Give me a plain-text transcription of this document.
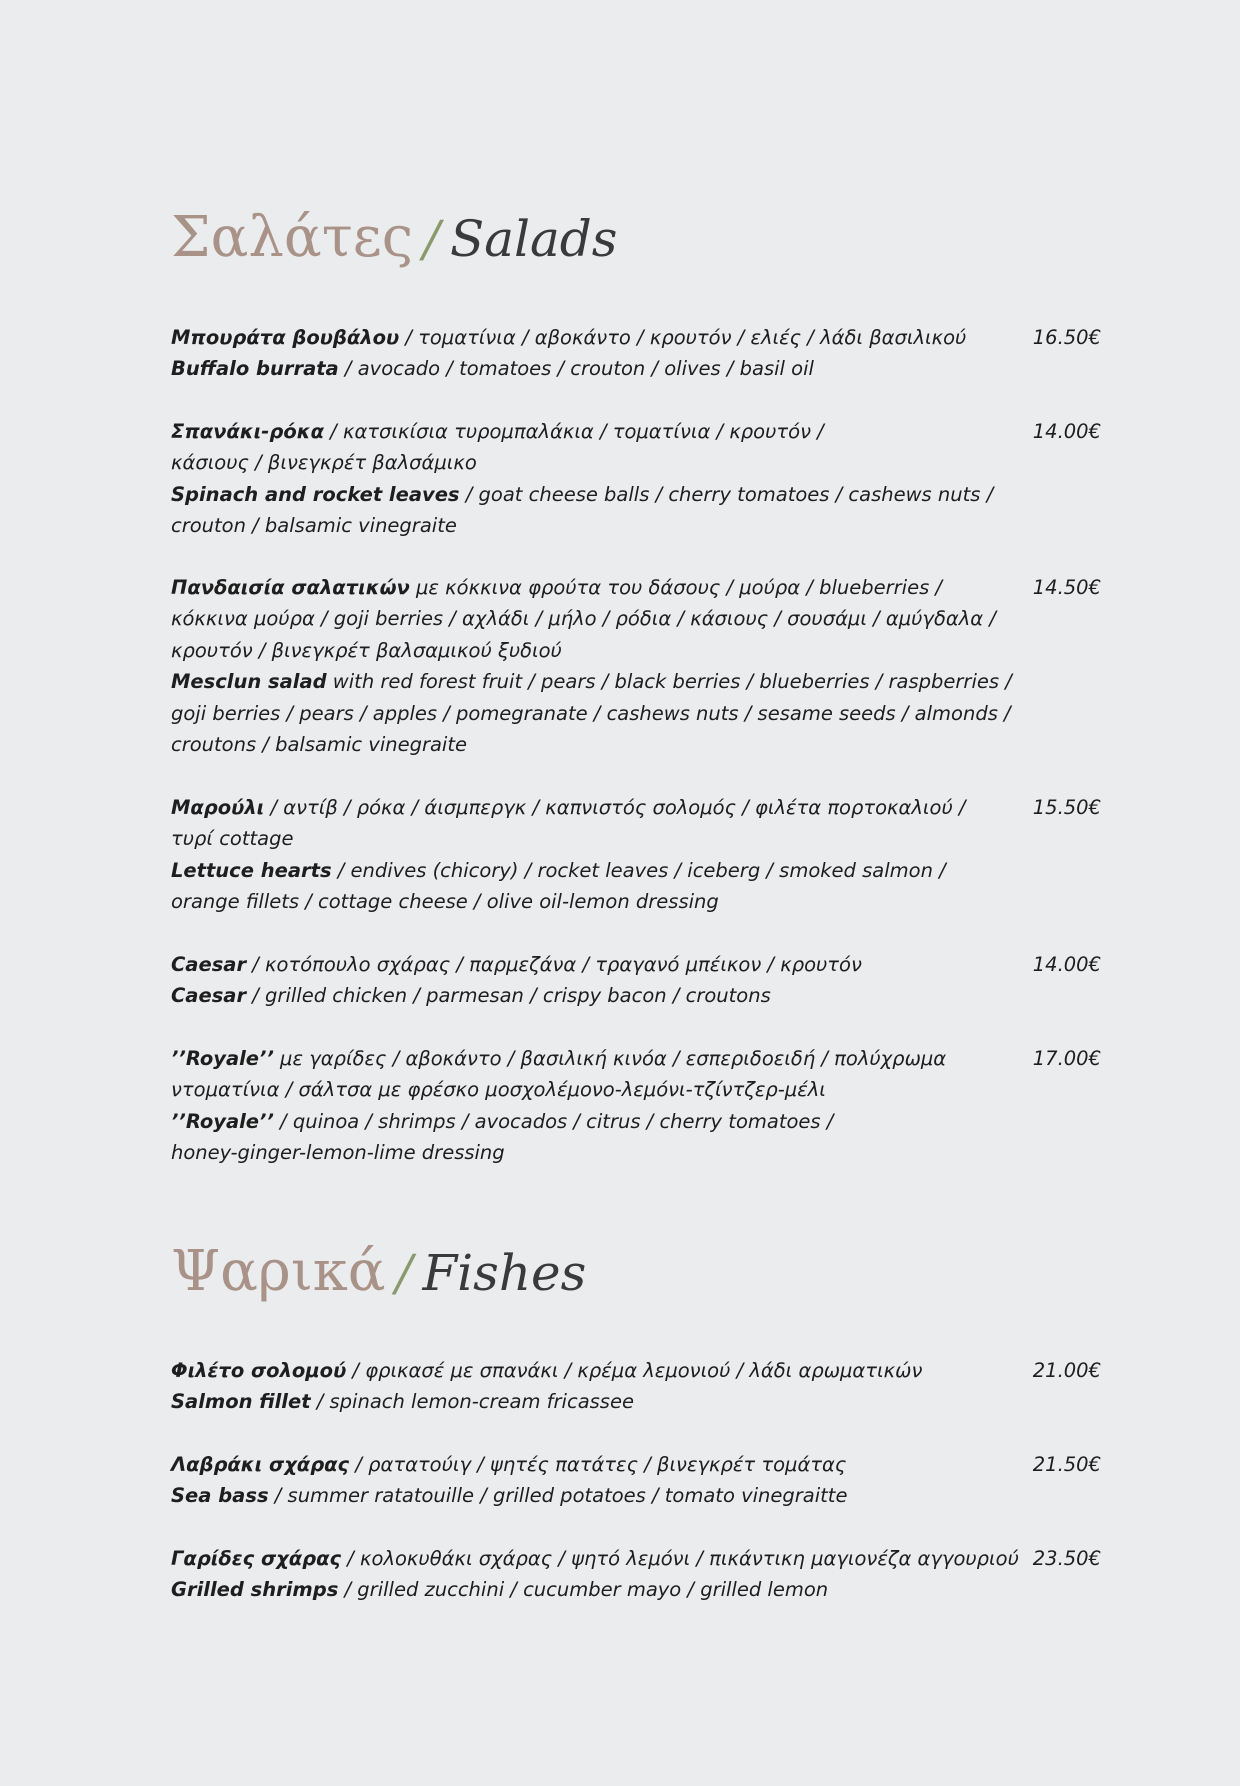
Σαλάτες / Salads
Μπουράτα βουβάλου / τοματίνια / αβοκάντο / κρουτόν / ελιές / λάδι βασιλικού
Buffalo burrata / avocado / tomatoes / crouton / olives / basil oil
16.50€
Σπανάκι-ρόκα / κατσικίσια τυρομπαλάκια / τοματίνια / κρουτόν /
κάσιους / βινεγκρέτ βαλσάμικο
Spinach and rocket leaves / goat cheese balls / cherry tomatoes / cashews nuts /
crouton / balsamic vinegraite
14.00€
Πανδαισία σαλατικών με κόκκινα φρούτα του δάσους / μούρα / blueberries /
κόκκινα μούρα / goji berries / αχλάδι / μήλο / ρόδια / κάσιους / σουσάμι / αμύγδαλα /
κρουτόν / βινεγκρέτ βαλσαμικού ξυδιού
Mesclun salad with red forest fruit / pears / black berries / blueberries / raspberries /
goji berries / pears / apples / pomegranate / cashews nuts / sesame seeds / almonds /
croutons / balsamic vinegraite
14.50€
Μαρούλι / αντίβ / ρόκα / άισμπεργκ / καπνιστός σολομός / φιλέτα πορτοκαλιού /
τυρί cottage
Lettuce hearts / endives (chicory) / rocket leaves / iceberg / smoked salmon /
orange fillets / cottage cheese / olive oil-lemon dressing
15.50€
Caesar / κοτόπουλο σχάρας / παρμεζάνα / τραγανό μπέικον / κρουτόν
Caesar / grilled chicken / parmesan / crispy bacon / croutons
14.00€
’’Royale’’ με γαρίδες / αβοκάντο / βασιλική κινόα / εσπεριδοειδή / πολύχρωμα
ντοματίνια / σάλτσα με φρέσκο μοσχολέμονο-λεμόνι-τζίντζερ-μέλι
’’Royale’’ / quinoa / shrimps / avocados / citrus / cherry tomatoes /
honey-ginger-lemon-lime dressing
17.00€
Ψαρικά / Fishes
Φιλέτο σολομού / φρικασέ με σπανάκι / κρέμα λεμονιού / λάδι αρωματικών
Salmon fillet / spinach lemon-cream fricassee
21.00€
Λαβράκι σχάρας / ρατατούιγ / ψητές πατάτες / βινεγκρέτ τομάτας
Sea bass / summer ratatouille / grilled potatoes / tomato vinegraitte
21.50€
Γαρίδες σχάρας / κολοκυθάκι σχάρας / ψητό λεμόνι / πικάντικη μαγιονέζα αγγουριού
Grilled shrimps / grilled zucchini / cucumber mayo / grilled lemon
23.50€
